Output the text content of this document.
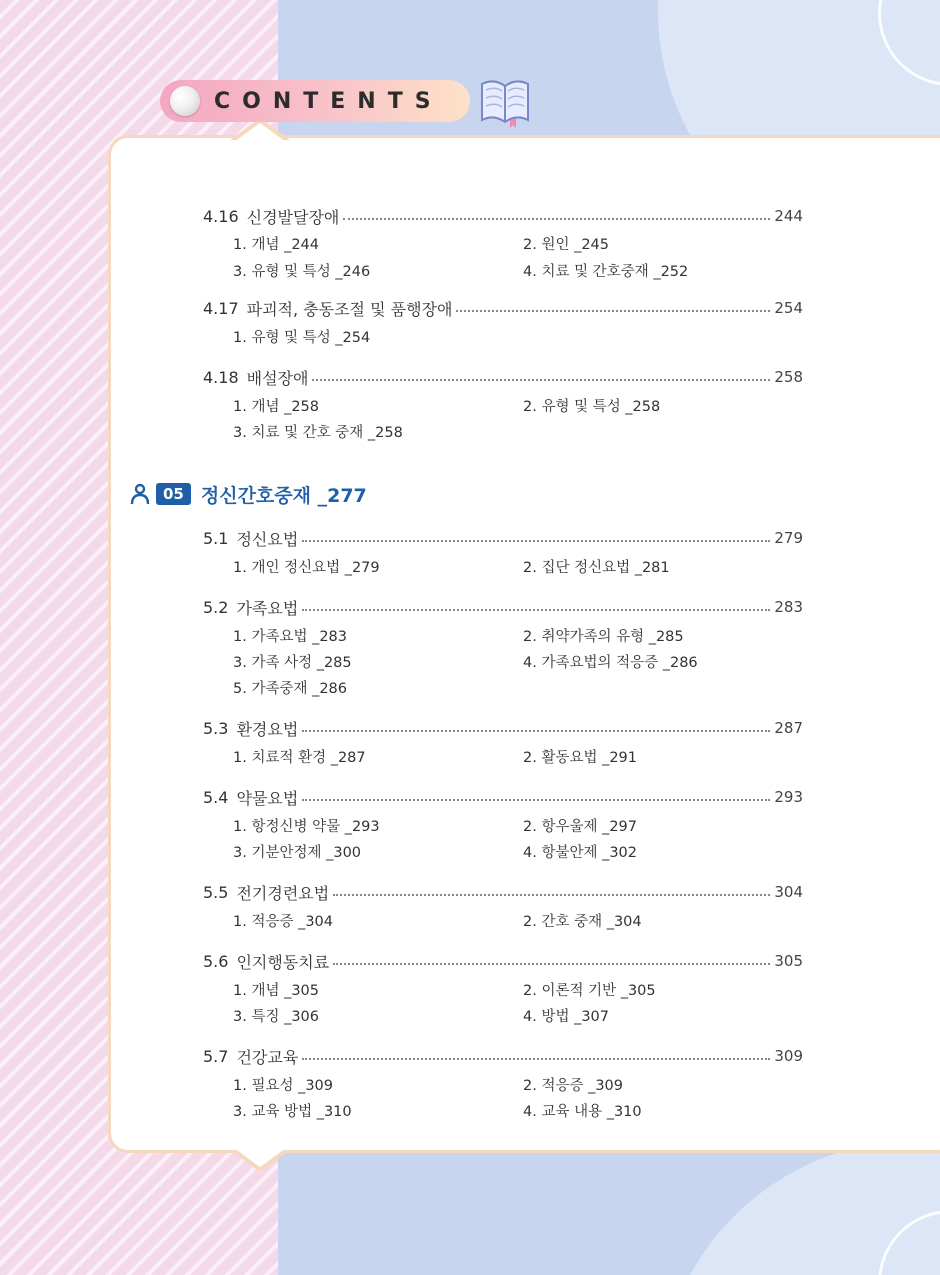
CONTENTS
4.16 신경발달장애	244
1. 개념 _244	2. 원인 _245
3. 유형 및 특성 _246	4. 치료 및 간호중재 _252
4.17 파괴적, 충동조절 및 품행장애	254
1. 유형 및 특성 _254
4.18 배설장애	258
1. 개념 _258	2. 유형 및 특성 _258
3. 치료 및 간호 중재 _258
5.1 정신요법	279
1. 개인 정신요법 _279	2. 집단 정신요법 _281
5.2 가족요법	283
1. 가족요법 _283	2. 취약가족의 유형 _285
3. 가족 사정 _285	4. 가족요법의 적응증 _286
5. 가족중재 _286
5.3 환경요법	287
1. 치료적 환경 _287	2. 활동요법 _291
5.4 약물요법	293
1. 항정신병 약물 _293	2. 항우울제 _297
3. 기분안정제 _300	4. 항불안제 _302
5.5 전기경련요법	304
1. 적응증 _304	2. 간호 중재 _304
5.6 인지행동치료	305
1. 개념 _305	2. 이론적 기반 _305
3. 특징 _306	4. 방법 _307
5.7 건강교육	309
1. 필요성 _309	2. 적응증 _309
3. 교육 방법 _310	4. 교육 내용 _310
05 정신간호중재 _277
